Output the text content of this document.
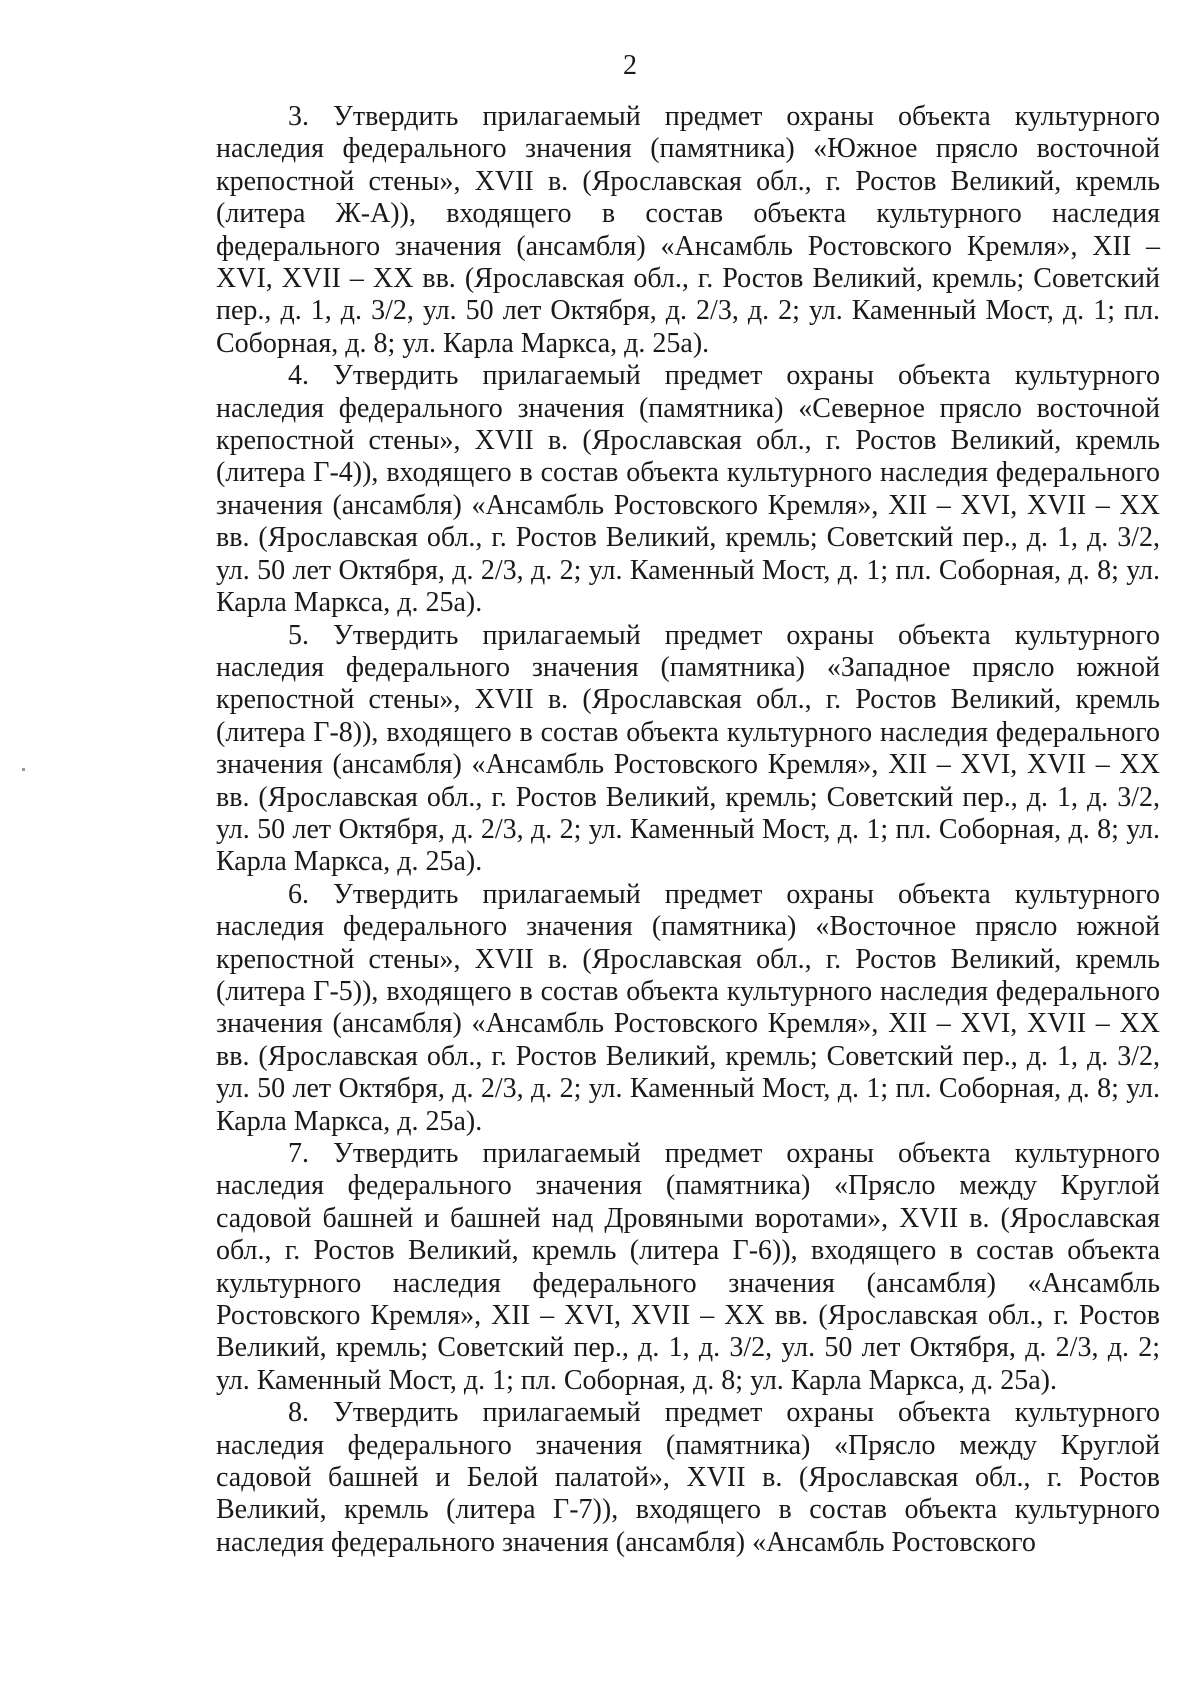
2

3. Утвердить прилагаемый предмет охраны объекта культурного наследия федерального значения (памятника) «Южное прясло восточной крепостной стены», XVII в. (Ярославская обл., г. Ростов Великий, кремль (литера Ж-А)), входящего в состав объекта культурного наследия федерального значения (ансамбля) «Ансамбль Ростовского Кремля», XII – XVI, XVII – XX вв. (Ярославская обл., г. Ростов Великий, кремль; Советский пер., д. 1, д. 3/2, ул. 50 лет Октября, д. 2/3, д. 2; ул. Каменный Мост, д. 1; пл. Соборная, д. 8; ул. Карла Маркса, д. 25а).

4. Утвердить прилагаемый предмет охраны объекта культурного наследия федерального значения (памятника) «Северное прясло восточной крепостной стены», XVII в. (Ярославская обл., г. Ростов Великий, кремль (литера Г-4)), входящего в состав объекта культурного наследия федерального значения (ансамбля) «Ансамбль Ростовского Кремля», XII – XVI, XVII – XX вв. (Ярославская обл., г. Ростов Великий, кремль; Советский пер., д. 1, д. 3/2, ул. 50 лет Октября, д. 2/3, д. 2; ул. Каменный Мост, д. 1; пл. Соборная, д. 8; ул. Карла Маркса, д. 25а).

5. Утвердить прилагаемый предмет охраны объекта культурного наследия федерального значения (памятника) «Западное прясло южной крепостной стены», XVII в. (Ярославская обл., г. Ростов Великий, кремль (литера Г-8)), входящего в состав объекта культурного наследия федерального значения (ансамбля) «Ансамбль Ростовского Кремля», XII – XVI, XVII – XX вв. (Ярославская обл., г. Ростов Великий, кремль; Советский пер., д. 1, д. 3/2, ул. 50 лет Октября, д. 2/3, д. 2; ул. Каменный Мост, д. 1; пл. Соборная, д. 8; ул. Карла Маркса, д. 25а).

6. Утвердить прилагаемый предмет охраны объекта культурного наследия федерального значения (памятника) «Восточное прясло южной крепостной стены», XVII в. (Ярославская обл., г. Ростов Великий, кремль (литера Г-5)), входящего в состав объекта культурного наследия федерального значения (ансамбля) «Ансамбль Ростовского Кремля», XII – XVI, XVII – XX вв. (Ярославская обл., г. Ростов Великий, кремль; Советский пер., д. 1, д. 3/2, ул. 50 лет Октября, д. 2/3, д. 2; ул. Каменный Мост, д. 1; пл. Соборная, д. 8; ул. Карла Маркса, д. 25а).

7. Утвердить прилагаемый предмет охраны объекта культурного наследия федерального значения (памятника) «Прясло между Круглой садовой башней и башней над Дровяными воротами», XVII в. (Ярославская обл., г. Ростов Великий, кремль (литера Г-6)), входящего в состав объекта культурного наследия федерального значения (ансамбля) «Ансамбль Ростовского Кремля», XII – XVI, XVII – XX вв. (Ярославская обл., г. Ростов Великий, кремль; Советский пер., д. 1, д. 3/2, ул. 50 лет Октября, д. 2/3, д. 2; ул. Каменный Мост, д. 1; пл. Соборная, д. 8; ул. Карла Маркса, д. 25а).

8. Утвердить прилагаемый предмет охраны объекта культурного наследия федерального значения (памятника) «Прясло между Круглой садовой башней и Белой палатой», XVII в. (Ярославская обл., г. Ростов Великий, кремль (литера Г-7)), входящего в состав объекта культурного наследия федерального значения (ансамбля) «Ансамбль Ростовского
